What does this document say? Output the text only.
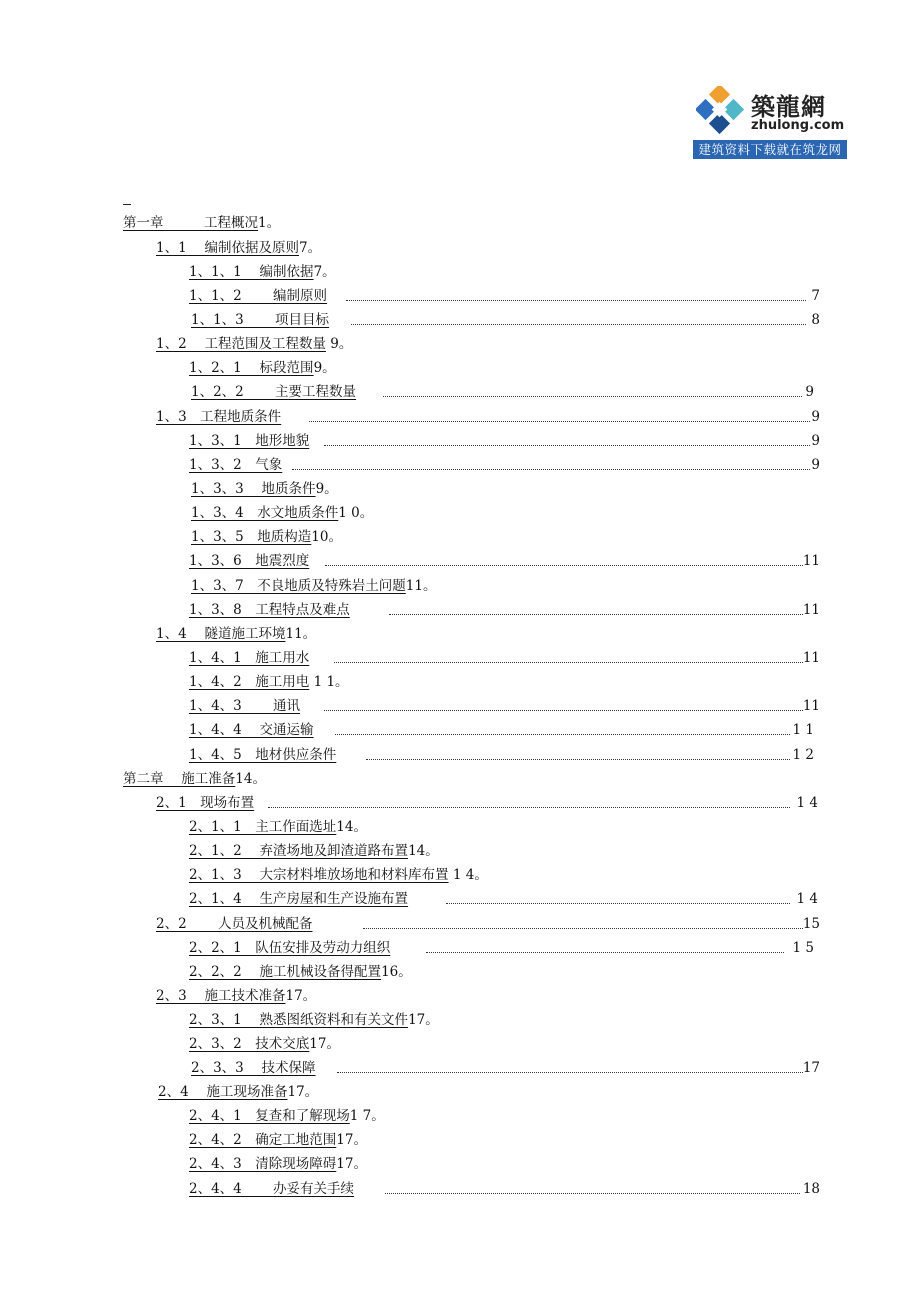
築龍網
zhulong.com
建筑资料下载就在筑龙网
第一章　　　工程概况1。
1、1　 编制依据及原则7。
1、1、1　 编制依据7。
1、1、2　　 编制原则	7
1、1、3　　 项目目标	8
1、2　 工程范围及工程数量 9。
1、2、1　 标段范围9。
1、2、2　　 主要工程数量	9
1、3　工程地质条件	9
1、3、1　地形地貌	9
1、3、2　气象	9
1、3、3　 地质条件9。
1、3、4　水文地质条件1 0。
1、3、5　地质构造10。
1、3、6　地震烈度	11
1、3、7　不良地质及特殊岩土问题11。
1、3、8　工程特点及难点	11
1、4　 隧道施工环境11。
1、4、1　施工用水	11
1、4、2　施工用电 1 1。
1、4、3　　 通讯	11
1、4、4　 交通运输	1 1
1、4、5　地材供应条件	1 2
第二章　 施工准备14。
2、1　现场布置	1 4
2、1、1　主工作面选址14。
2、1、2　 弃渣场地及卸渣道路布置14。
2、1、3　 大宗材料堆放场地和材料库布置 1 4。
2、1、4　 生产房屋和生产设施布置	1 4
2、2　　 人员及机械配备	15
2、2、1　队伍安排及劳动力组织	1 5
2、2、2　 施工机械设备得配置16。
2、3　 施工技术准备17。
2、3、1　 熟悉图纸资料和有关文件17。
2、3、2　技术交底17。
2、3、3　 技术保障	17
2、4　 施工现场准备17。
2、4、1　复查和了解现场1 7。
2、4、2　确定工地范围17。
2、4、3　清除现场障碍17。
2、4、4　　 办妥有关手续	18
